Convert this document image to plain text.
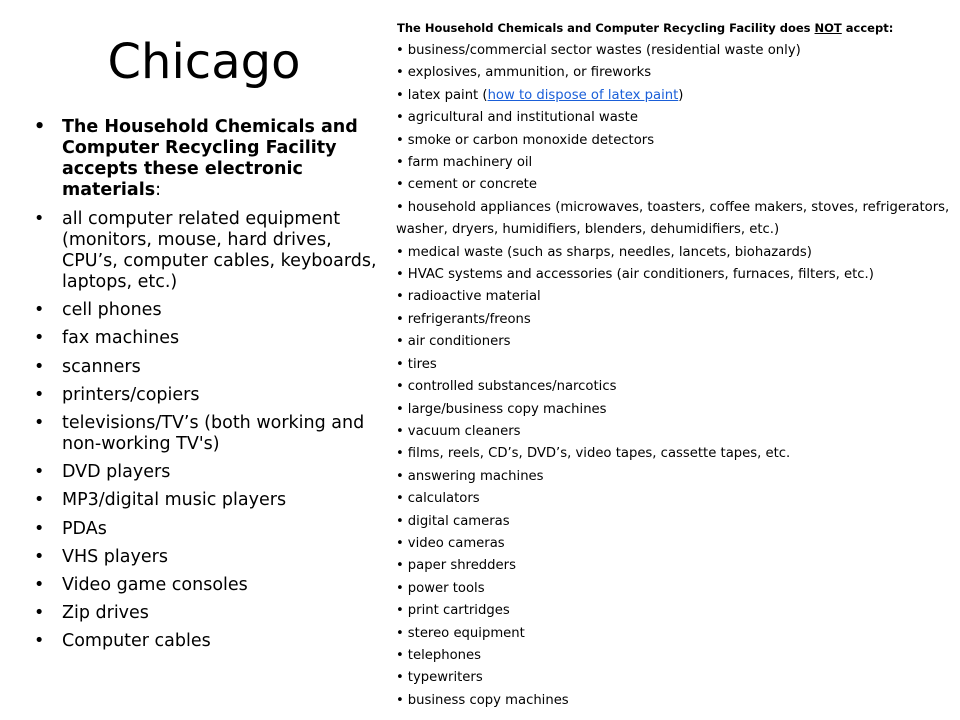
Chicago
• The Household Chemicals and Computer Recycling Facility accepts these electronic materials:
• all computer related equipment (monitors, mouse, hard drives, CPU’s, computer cables, keyboards, laptops, etc.)
• cell phones
• fax machines
• scanners
• printers/copiers
• televisions/TV’s (both working and non-working TV's)
• DVD players
• MP3/digital music players
• PDAs
• VHS players
• Video game consoles
• Zip drives
• Computer cables
The Household Chemicals and Computer Recycling Facility does NOT accept:
• business/commercial sector wastes (residential waste only)
• explosives, ammunition, or fireworks
• latex paint (how to dispose of latex paint)
• agricultural and institutional waste
• smoke or carbon monoxide detectors
• farm machinery oil
• cement or concrete
• household appliances (microwaves, toasters, coffee makers, stoves, refrigerators, washer, dryers, humidifiers, blenders, dehumidifiers, etc.)
• medical waste (such as sharps, needles, lancets, biohazards)
• HVAC systems and accessories (air conditioners, furnaces, filters, etc.)
• radioactive material
• refrigerants/freons
• air conditioners
• tires
• controlled substances/narcotics
• large/business copy machines
• vacuum cleaners
• films, reels, CD’s, DVD’s, video tapes, cassette tapes, etc.
• answering machines
• calculators
• digital cameras
• video cameras
• paper shredders
• power tools
• print cartridges
• stereo equipment
• telephones
• typewriters
• business copy machines
